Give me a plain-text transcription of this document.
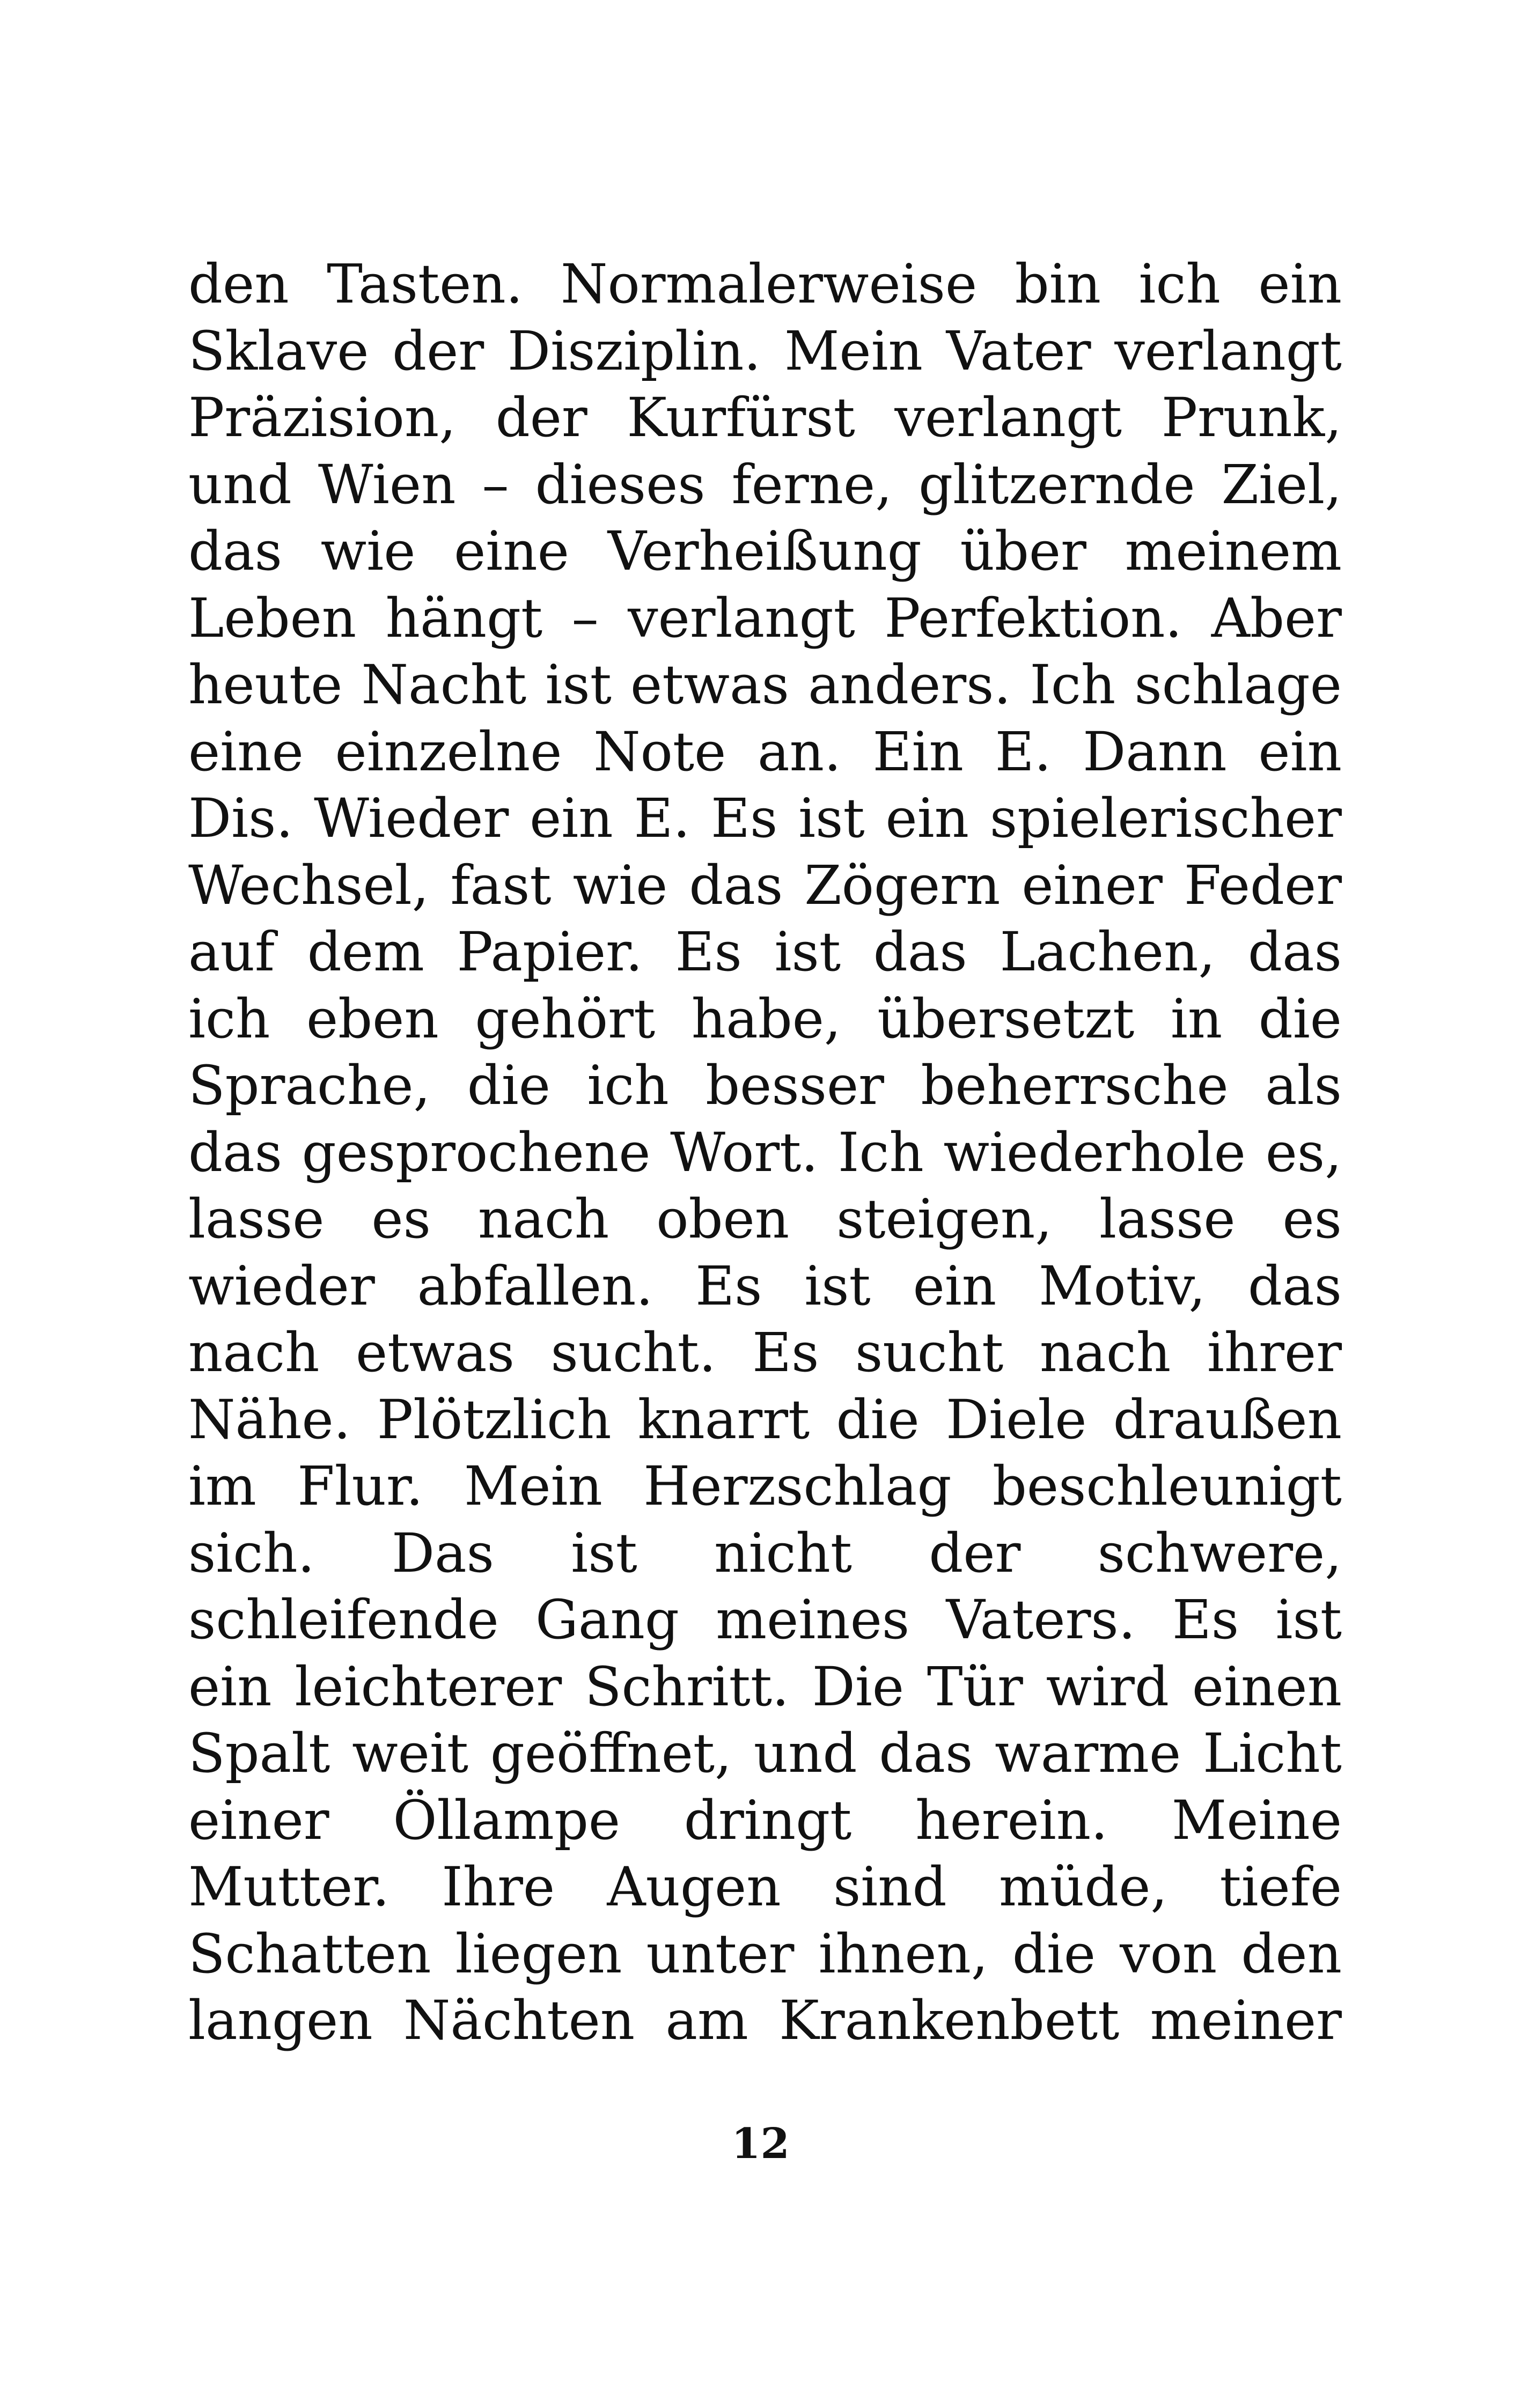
den Tasten. Normalerweise bin ich ein
Sklave der Disziplin. Mein Vater verlangt
Präzision, der Kurfürst verlangt Prunk,
und Wien – dieses ferne, glitzernde Ziel,
das wie eine Verheißung über meinem
Leben hängt – verlangt Perfektion. Aber
heute Nacht ist etwas anders. Ich schlage
eine einzelne Note an. Ein E. Dann ein
Dis. Wieder ein E. Es ist ein spielerischer
Wechsel, fast wie das Zögern einer Feder
auf dem Papier. Es ist das Lachen, das
ich eben gehört habe, übersetzt in die
Sprache, die ich besser beherrsche als
das gesprochene Wort. Ich wiederhole es,
lasse es nach oben steigen, lasse es
wieder abfallen. Es ist ein Motiv, das
nach etwas sucht. Es sucht nach ihrer
Nähe. Plötzlich knarrt die Diele draußen
im Flur. Mein Herzschlag beschleunigt
sich. Das ist nicht der schwere,
schleifende Gang meines Vaters. Es ist
ein leichterer Schritt. Die Tür wird einen
Spalt weit geöffnet, und das warme Licht
einer Öllampe dringt herein. Meine
Mutter. Ihre Augen sind müde, tiefe
Schatten liegen unter ihnen, die von den
langen Nächten am Krankenbett meiner
12
